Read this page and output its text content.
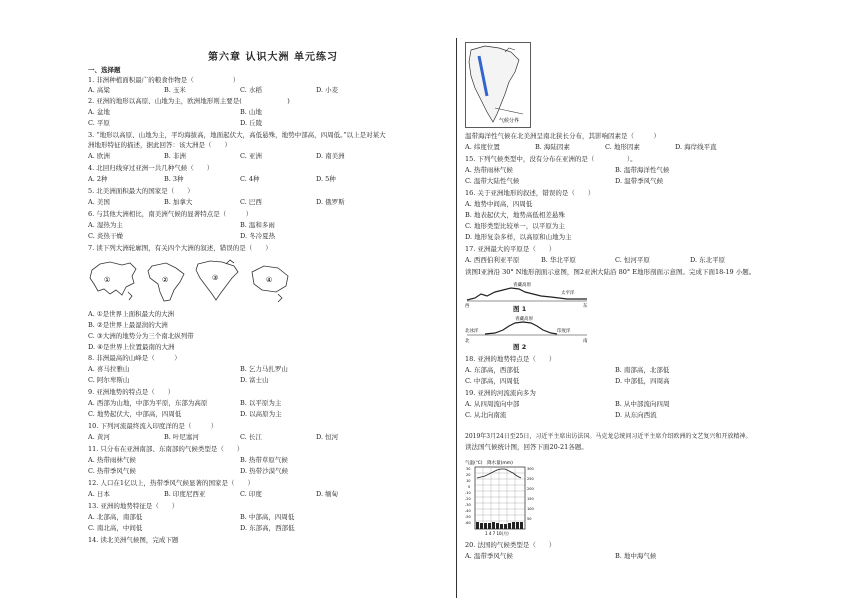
第六章 认识大洲 单元练习
一、选择题
1. 非洲种植面积最广的粮食作物是（　　　　　　）
A. 高粱	B. 玉米	C. 水稻	D. 小麦
2. 亚洲的地形以高原、山地为主，欧洲地形则主要是(　　　　　　　)
A. 盆地	B. 山地
C. 平原	D. 丘陵
3. “地形以高原、山地为主，平均海拔高，地面起伏大，高低悬殊，地势中部高，四周低。”以上是对某大
洲地形特征的描述，据此回答：该大洲是（　　）
A. 欧洲	B. 非洲	C. 亚洲	D. 南美洲
4. 北回归线穿过亚洲一共几种气候（　　）
A. 2种	B. 3种	C. 4种	D. 5种
5. 北美洲面积最大的国家是（　　）
A. 美国	B. 加拿大	C. 巴西	D. 俄罗斯
6. 与其他大洲相比，南美洲气候的显著特点是（　　　）
A. 湿热为主	B. 温和多雨
C. 炎热干燥	D. 冬冷夏热
7. 读下列大洲轮廓图，有关四个大洲的叙述，错误的是（　　）
①	②	③	④
A. ①是世界上面积最大的大洲
B. ②是世界上最湿润的大洲
C. ③大洲的地势分为三个南北纵列带
D. ④是世界上位置最南的大洲
8. 非洲最高的山峰是（　　　）
A. 喜马拉雅山	B. 乞力马扎罗山
C. 阿尔卑斯山	D. 富士山
9. 亚洲地势的特点是（　　）
A. 西部为山地，中部为平原，东部为高原	B. 以平原为主
C. 地势起伏大，中部高，四周低	D. 以高原为主
10. 下列河流最终流入印度洋的是（　　　）
A. 黄河	B. 叶尼塞河	C. 长江	D. 恒河
11. 只分布在亚洲南部、东南部的气候类型是（　　）
A. 热带雨林气候	B. 热带草原气候
C. 热带季风气候	D. 热带沙漠气候
12. 人口在1亿以上，热带季风气候显著的国家是（　　）
A. 日本	B. 印度尼西亚	C. 印度	D. 缅甸
13. 亚洲的地势特征是（　　）
A. 北部高，南部低	B. 中部高，四周低
C. 南北高，中间低	D. 东部高，西部低
14. 读北美洲气候图，完成下题
气候分界
温带海洋性气候在北美洲呈南北狭长分布，其影响因素是（　　　）
A. 纬度位置	B. 海陆因素	C. 地形因素	D. 海岸线平直
15. 下列气候类型中，没有分布在亚洲的是（　　　　　）。
A. 热带雨林气候	B. 温带海洋性气候
C. 温带大陆性气候	D. 温带季风气候
16. 关于亚洲地形的叙述，错误的是（　　）
A. 地势中间高，四周低
B. 地表起伏大，地势高低相差悬殊
C. 地形类型比较单一，以平原为主
D. 地形复杂多样，以高原和山地为主
17. 亚洲最大的平原是（　　）
A. 西西伯利亚平原	B. 华北平原	C. 恒河平原	D. 东北平原
读图Ⅰ亚洲沿 30° N地形剖面示意图，图2亚洲大陆沿 80° E地形剖面示意图。完成下面18-19 小题。
青藏高原
太平洋
西	东
图 1
青藏高原
北冰洋	印度洋
北	南
图 2
18. 亚洲的地势特点是（　　）
A. 东部高，西部低	B. 南部高，北部低
C. 中部高，四周低	D. 中部低，四周高
19. 亚洲的河流流向多为
A. 从四周流向中部	B. 从中部流向四周
C. 从北向南流	D. 从东向西流
2019年3月24日至25日，习近平主席出访法国。马克龙总统问习近平主席介绍欧洲的文艺复兴和开放精神。
读法国气候统计图，回答下面20-21各题。
气温(℃)　降水量(mm)
30
20
10
0
-10
-20
-30
-40
-50
-60
300
250
200
150
100
50
1 4 7 10(月)
20. 法国的气候类型是（　　）
A. 温带季风气候	B. 地中海气候
